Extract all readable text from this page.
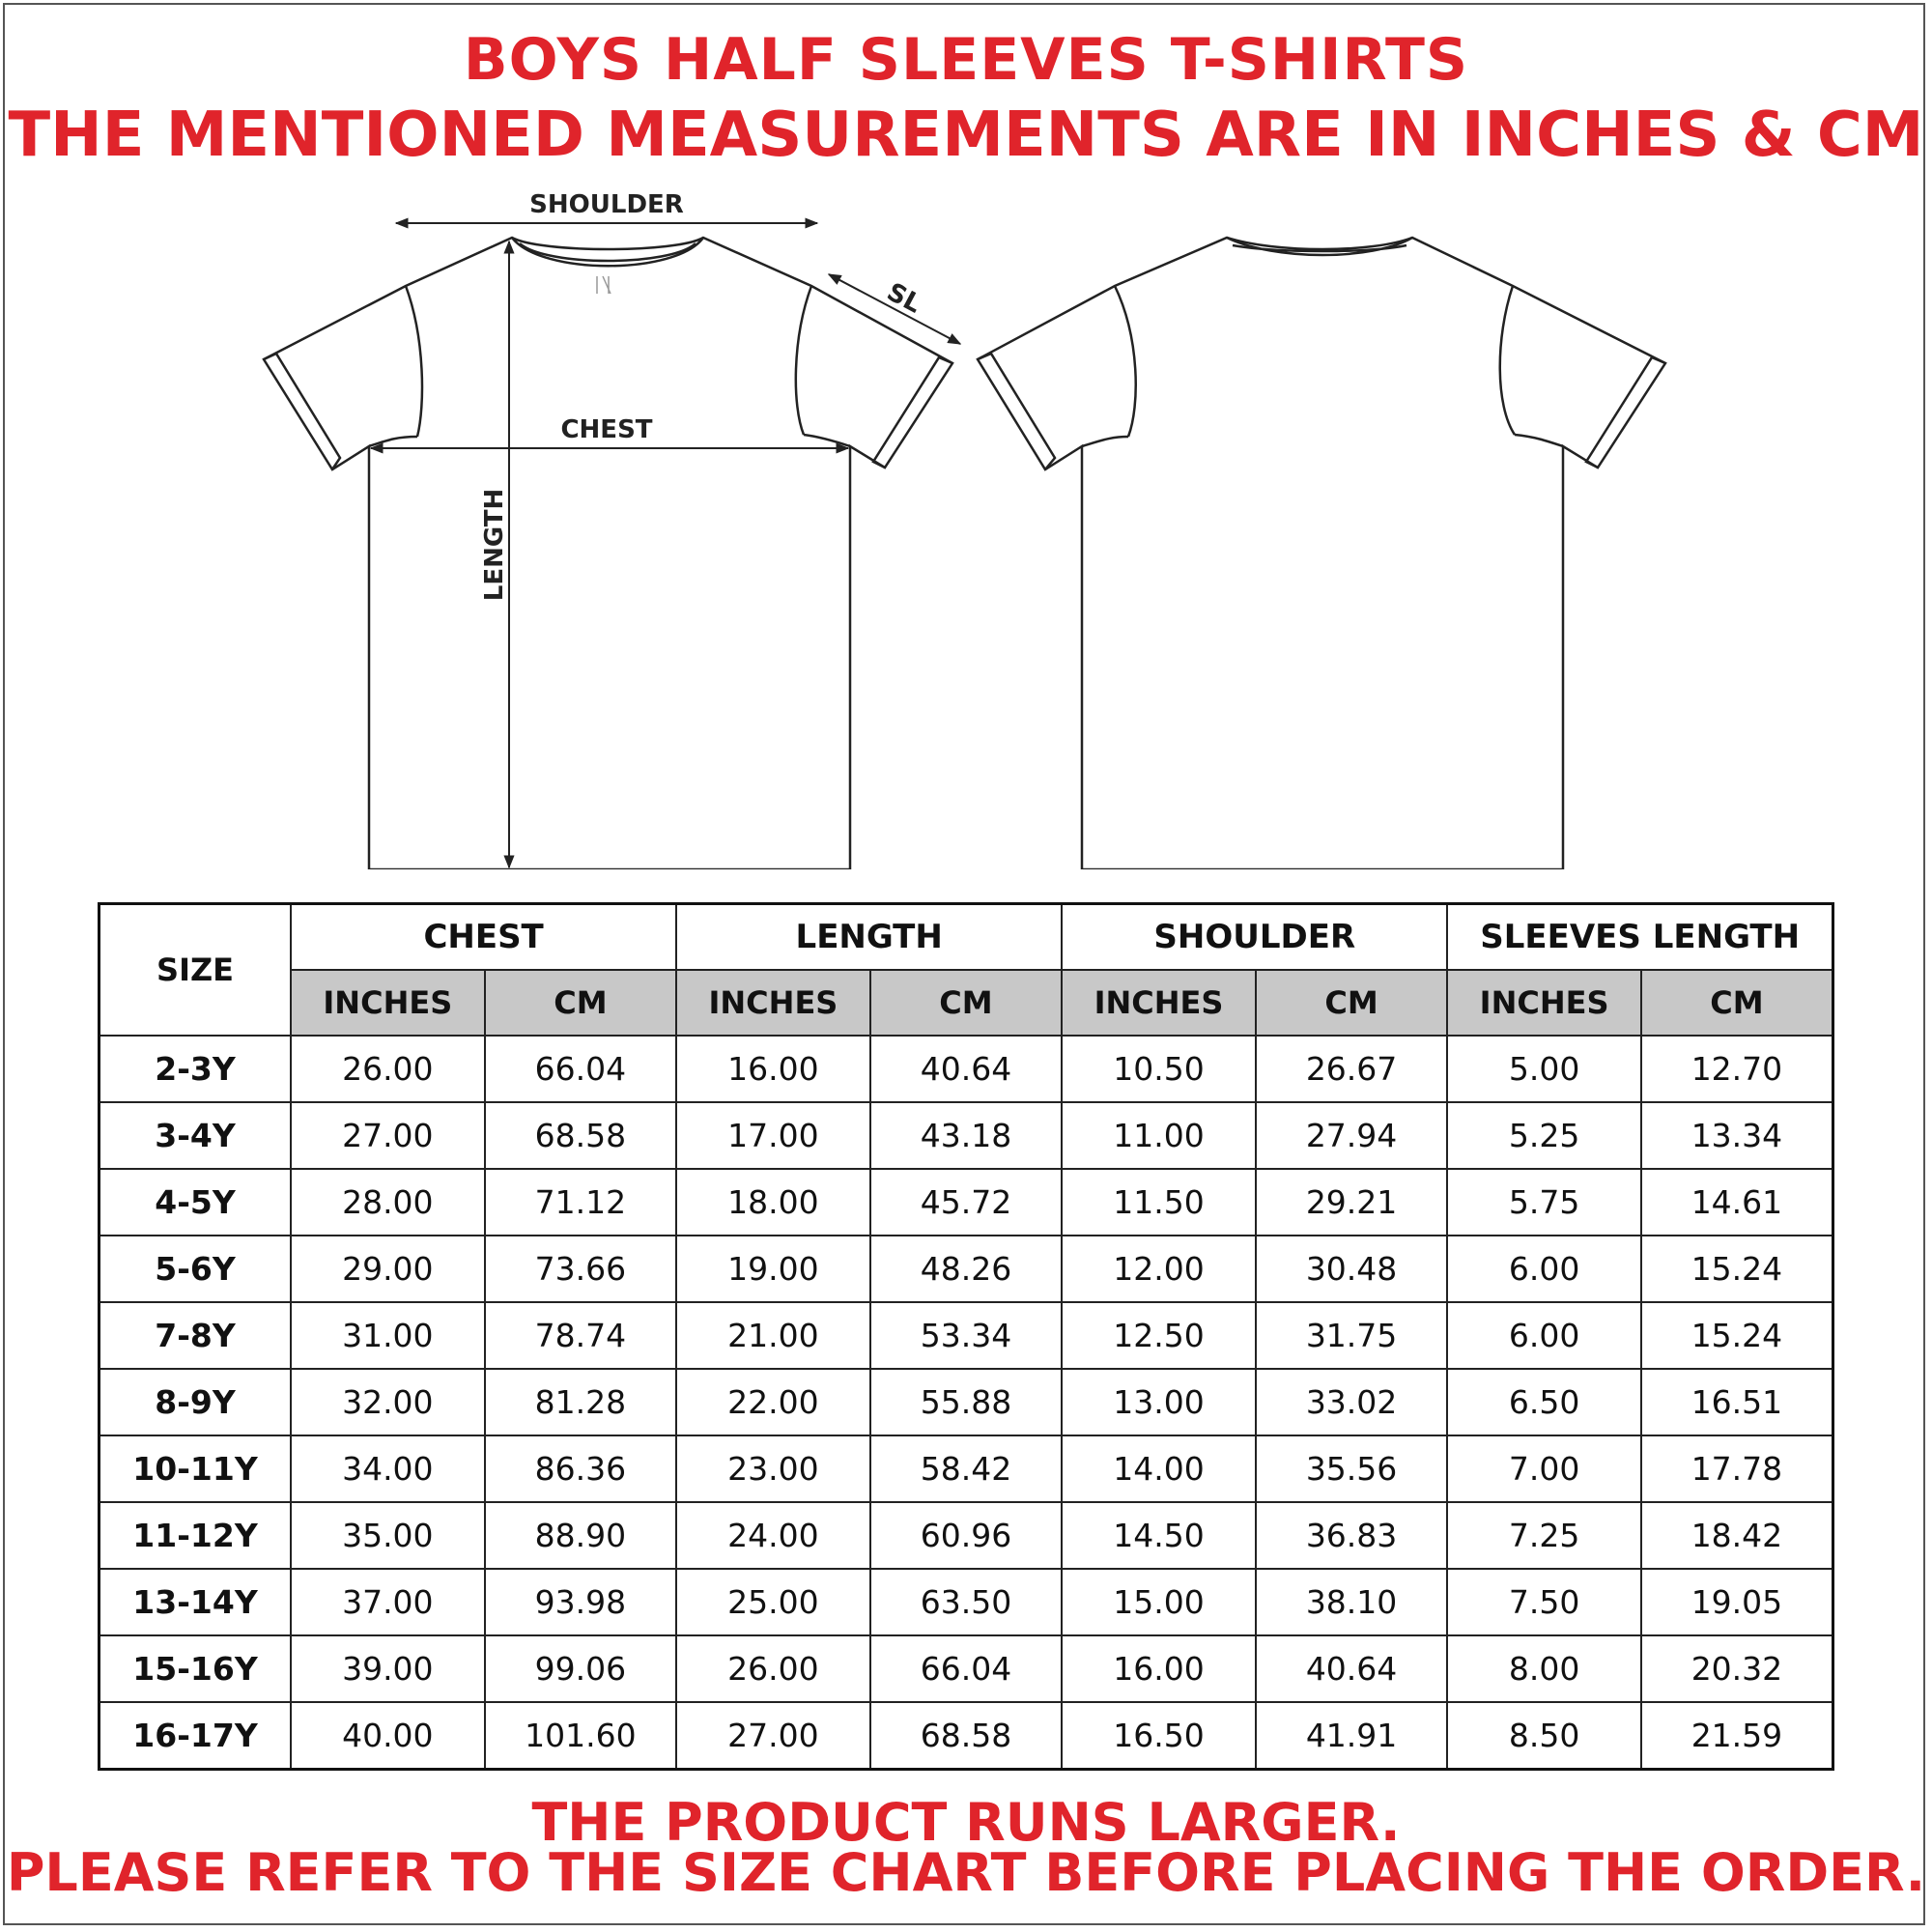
BOYS HALF SLEEVES T-SHIRTS
THE MENTIONED MEASUREMENTS ARE IN INCHES & CM
SHOULDER
SL
CHEST
LENGTH
SIZE	CHEST		LENGTH		SHOULDER		SLEEVES LENGTH	
	INCHES	CM	INCHES	CM	INCHES	CM	INCHES	CM
2-3Y	26.00	66.04	16.00	40.64	10.50	26.67	5.00	12.70
3-4Y	27.00	68.58	17.00	43.18	11.00	27.94	5.25	13.34
4-5Y	28.00	71.12	18.00	45.72	11.50	29.21	5.75	14.61
5-6Y	29.00	73.66	19.00	48.26	12.00	30.48	6.00	15.24
7-8Y	31.00	78.74	21.00	53.34	12.50	31.75	6.00	15.24
8-9Y	32.00	81.28	22.00	55.88	13.00	33.02	6.50	16.51
10-11Y	34.00	86.36	23.00	58.42	14.00	35.56	7.00	17.78
11-12Y	35.00	88.90	24.00	60.96	14.50	36.83	7.25	18.42
13-14Y	37.00	93.98	25.00	63.50	15.00	38.10	7.50	19.05
15-16Y	39.00	99.06	26.00	66.04	16.00	40.64	8.00	20.32
16-17Y	40.00	101.60	27.00	68.58	16.50	41.91	8.50	21.59
THE PRODUCT RUNS LARGER.
PLEASE REFER TO THE SIZE CHART BEFORE PLACING THE ORDER.
